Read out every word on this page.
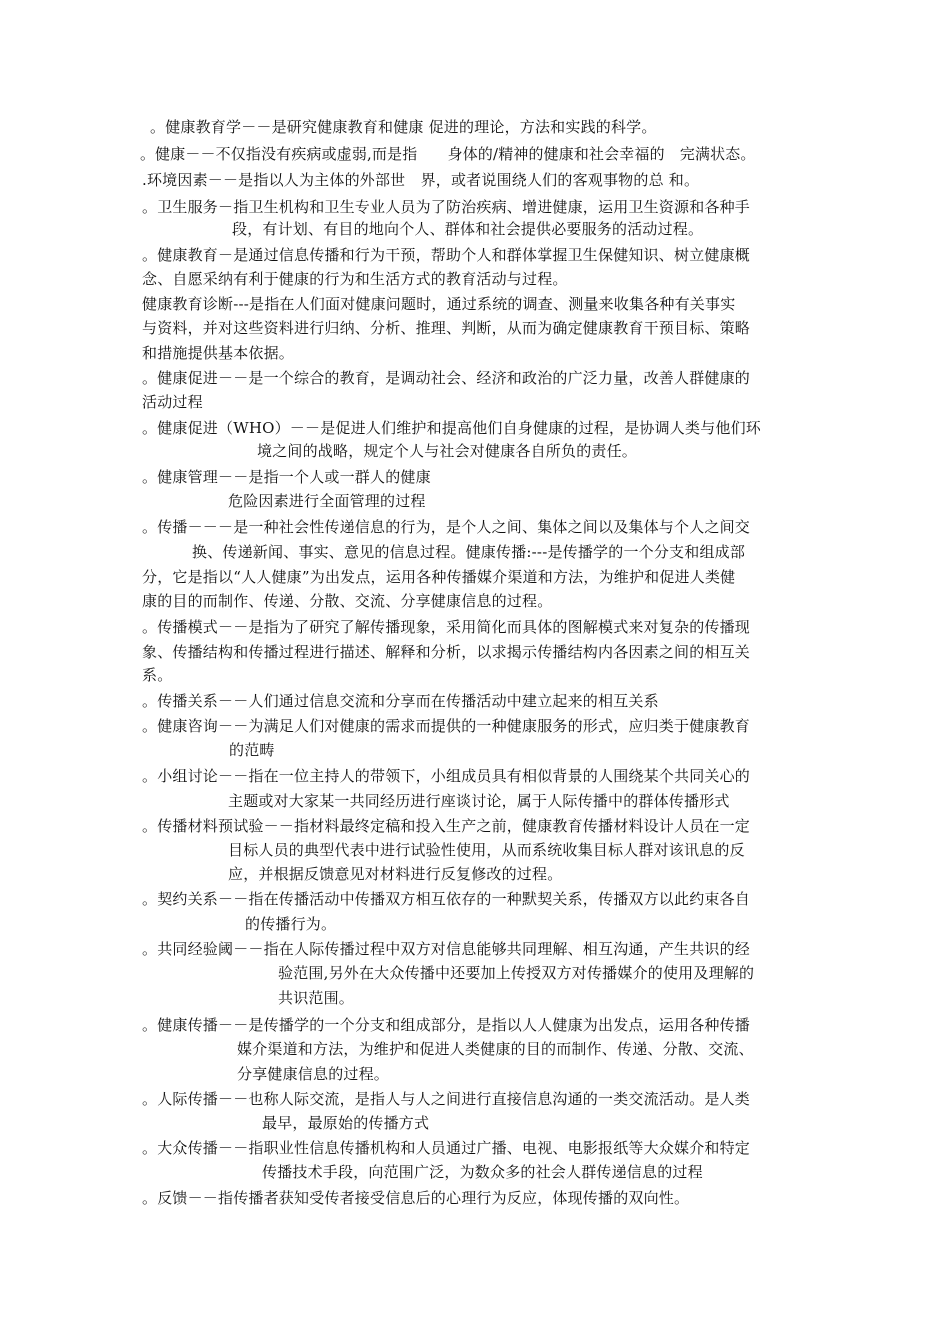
。健康教育学－－是研究健康教育和健康 促进的理论，方法和实践的科学。
。健康－－不仅指没有疾病或虚弱,而是指　　身体的/精神的健康和社会幸福的　完满状态。
.环境因素－－是指以人为主体的外部世　界，或者说围绕人们的客观事物的总 和。
。卫生服务－指卫生机构和卫生专业人员为了防治疾病、增进健康，运用卫生资源和各种手
段，有计划、有目的地向个人、群体和社会提供必要服务的活动过程。
。健康教育－是通过信息传播和行为干预，帮助个人和群体掌握卫生保健知识、树立健康概
念、自愿采纳有利于健康的行为和生活方式的教育活动与过程。
健康教育诊断---是指在人们面对健康问题时，通过系统的调查、测量来收集各种有关事实
与资料，并对这些资料进行归纳、分析、推理、判断，从而为确定健康教育干预目标、策略
和措施提供基本依据。
。健康促进－－是一个综合的教育，是调动社会、经济和政治的广泛力量，改善人群健康的
活动过程
。健康促进（WHO）－－是促进人们维护和提高他们自身健康的过程，是协调人类与他们环
境之间的战略，规定个人与社会对健康各自所负的责任。
。健康管理－－是指一个人或一群人的健康
危险因素进行全面管理的过程
。传播－－－是一种社会性传递信息的行为，是个人之间、集体之间以及集体与个人之间交
换、传递新闻、事实、意见的信息过程。健康传播:---是传播学的一个分支和组成部
分，它是指以“人人健康”为出发点，运用各种传播媒介渠道和方法，为维护和促进人类健
康的目的而制作、传递、分散、交流、分享健康信息的过程。
。传播模式－－是指为了研究了解传播现象，采用简化而具体的图解模式来对复杂的传播现
象、传播结构和传播过程进行描述、解释和分析，以求揭示传播结构内各因素之间的相互关
系。
。传播关系－－人们通过信息交流和分享而在传播活动中建立起来的相互关系
。健康咨询－－为满足人们对健康的需求而提供的一种健康服务的形式，应归类于健康教育
的范畴
。小组讨论－－指在一位主持人的带领下，小组成员具有相似背景的人围绕某个共同关心的
主题或对大家某一共同经历进行座谈讨论，属于人际传播中的群体传播形式
。传播材料预试验－－指材料最终定稿和投入生产之前，健康教育传播材料设计人员在一定
目标人员的典型代表中进行试验性使用，从而系统收集目标人群对该讯息的反
应，并根据反馈意见对材料进行反复修改的过程。
。契约关系－－指在传播活动中传播双方相互依存的一种默契关系，传播双方以此约束各自
的传播行为。
。共同经验阈－－指在人际传播过程中双方对信息能够共同理解、相互沟通，产生共识的经
验范围,另外在大众传播中还要加上传授双方对传播媒介的使用及理解的
共识范围。
。健康传播－－是传播学的一个分支和组成部分，是指以人人健康为出发点，运用各种传播
媒介渠道和方法，为维护和促进人类健康的目的而制作、传递、分散、交流、
分享健康信息的过程。
。人际传播－－也称人际交流，是指人与人之间进行直接信息沟通的一类交流活动。是人类
最早，最原始的传播方式
。大众传播－－指职业性信息传播机构和人员通过广播、电视、电影报纸等大众媒介和特定
传播技术手段，向范围广泛，为数众多的社会人群传递信息的过程
。反馈－－指传播者获知受传者接受信息后的心理行为反应，体现传播的双向性。
